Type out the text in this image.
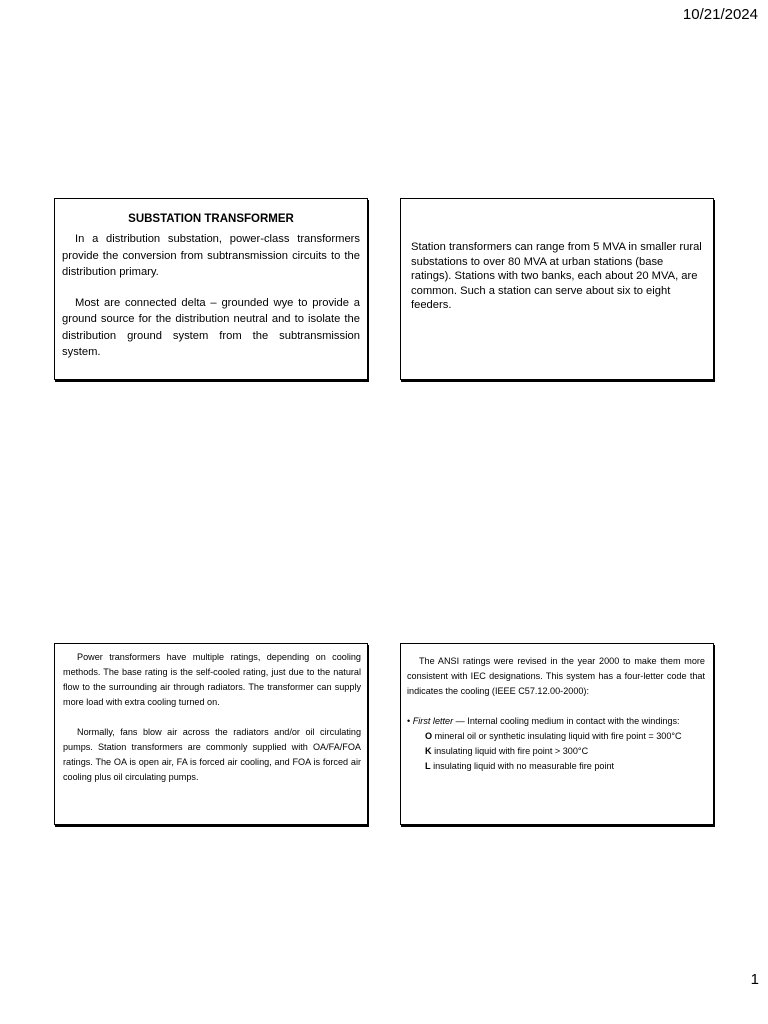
10/21/2024
SUBSTATION TRANSFORMER

In a distribution substation, power-class transformers provide the conversion from subtransmission circuits to the distribution primary.

Most are connected delta – grounded wye to provide a ground source for the distribution neutral and to isolate the distribution ground system from the subtransmission system.

Station transformers can range from 5 MVA in smaller rural substations to over 80 MVA at urban stations (base ratings). Stations with two banks, each about 20 MVA, are common. Such a station can serve about six to eight feeders.

Power transformers have multiple ratings, depending on cooling methods. The base rating is the self-cooled rating, just due to the natural flow to the surrounding air through radiators. The transformer can supply more load with extra cooling turned on.

Normally, fans blow air across the radiators and/or oil circulating pumps. Station transformers are commonly supplied with OA/FA/FOA ratings. The OA is open air, FA is forced air cooling, and FOA is forced air cooling plus oil circulating pumps.

The ANSI ratings were revised in the year 2000 to make them more consistent with IEC designations. This system has a four-letter code that indicates the cooling (IEEE C57.12.00-2000):

• First letter — Internal cooling medium in contact with the windings:

O mineral oil or synthetic insulating liquid with fire point = 300°C

K insulating liquid with fire point > 300°C

L insulating liquid with no measurable fire point

1
